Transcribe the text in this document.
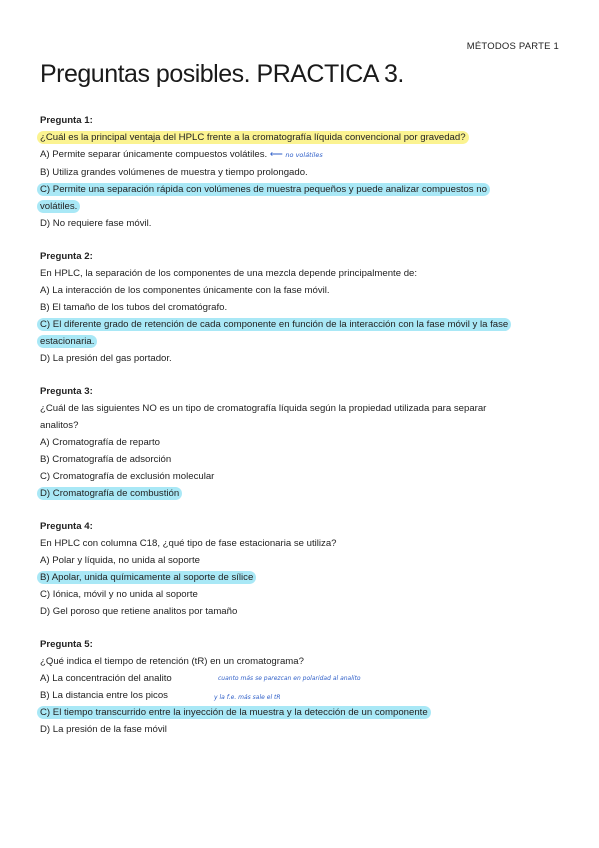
MÉTODOS PARTE 1
Preguntas posibles. PRACTICA 3.
Pregunta 1:
¿Cuál es la principal ventaja del HPLC frente a la cromatografía líquida convencional por gravedad?
A) Permite separar únicamente compuestos volátiles. ⟵ no volátiles
B) Utiliza grandes volúmenes de muestra y tiempo prolongado.
C) Permite una separación rápida con volúmenes de muestra pequeños y puede analizar compuestos no
volátiles.
D) No requiere fase móvil.
Pregunta 2:
En HPLC, la separación de los componentes de una mezcla depende principalmente de:
A) La interacción de los componentes únicamente con la fase móvil.
B) El tamaño de los tubos del cromatógrafo.
C) El diferente grado de retención de cada componente en función de la interacción con la fase móvil y la fase
estacionaria.
D) La presión del gas portador.
Pregunta 3:
¿Cuál de las siguientes NO es un tipo de cromatografía líquida según la propiedad utilizada para separar
analitos?
A) Cromatografía de reparto
B) Cromatografía de adsorción
C) Cromatografía de exclusión molecular
D) Cromatografía de combustión
Pregunta 4:
En HPLC con columna C18, ¿qué tipo de fase estacionaria se utiliza?
A) Polar y líquida, no unida al soporte
B) Apolar, unida químicamente al soporte de sílice
C) Iónica, móvil y no unida al soporte
D) Gel poroso que retiene analitos por tamaño
Pregunta 5:
¿Qué indica el tiempo de retención (tR) en un cromatograma?
A) La concentración del analito	cuanto más se parezcan en polaridad al analito
B) La distancia entre los picos	y la f.e. más sale el tR
C) El tiempo transcurrido entre la inyección de la muestra y la detección de un componente
D) La presión de la fase móvil
